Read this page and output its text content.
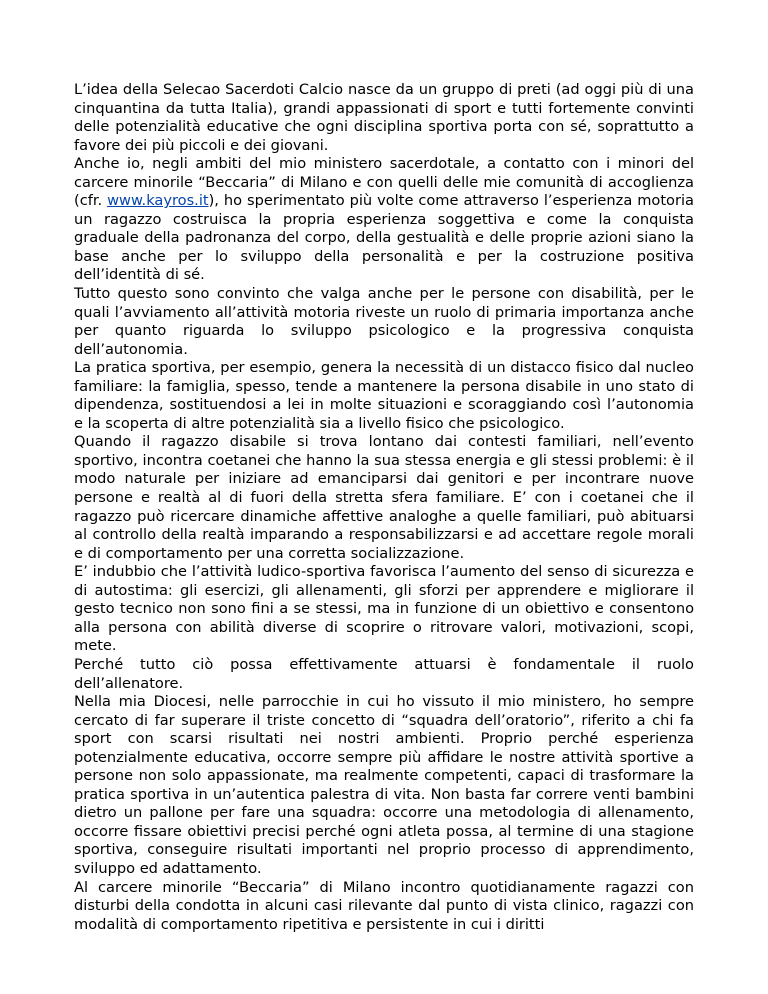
L’idea della Selecao Sacerdoti Calcio nasce da un gruppo di preti (ad oggi più di una cinquantina da tutta Italia), grandi appassionati di sport e tutti fortemente convinti delle potenzialità educative che ogni disciplina sportiva porta con sé, soprattutto a favore dei più piccoli e dei giovani.

Anche io, negli ambiti del mio ministero sacerdotale, a contatto con i minori del carcere minorile “Beccaria” di Milano e con quelli delle mie comunità di accoglienza (cfr. www.kayros.it), ho sperimentato più volte come attraverso l’esperienza motoria un ragazzo costruisca la propria esperienza soggettiva e come la conquista graduale della padronanza del corpo, della gestualità e delle proprie azioni siano la base anche per lo sviluppo della personalità e per la costruzione positiva dell’identità di sé.

Tutto questo sono convinto che valga anche per le persone con disabilità, per le quali l’avviamento all’attività motoria riveste un ruolo di primaria importanza anche per quanto riguarda lo sviluppo psicologico e la progressiva conquista dell’autonomia.

La pratica sportiva, per esempio, genera la necessità di un distacco fisico dal nucleo familiare: la famiglia, spesso, tende a mantenere la persona disabile in uno stato di dipendenza, sostituendosi a lei in molte situazioni e scoraggiando così l’autonomia e la scoperta di altre potenzialità sia a livello fisico che psicologico.

Quando il ragazzo disabile si trova lontano dai contesti familiari, nell’evento sportivo, incontra coetanei che hanno la sua stessa energia e gli stessi problemi: è il modo naturale per iniziare ad emanciparsi dai genitori e per incontrare nuove persone e realtà al di fuori della stretta sfera familiare. E’ con i coetanei che il ragazzo può ricercare dinamiche affettive analoghe a quelle familiari, può abituarsi al controllo della realtà imparando a responsabilizzarsi e ad accettare regole morali e di comportamento per una corretta socializzazione.

E’ indubbio che l’attività ludico-sportiva favorisca l’aumento del senso di sicurezza e di autostima: gli esercizi, gli allenamenti, gli sforzi per apprendere e migliorare il gesto tecnico non sono fini a se stessi, ma in funzione di un obiettivo e consentono alla persona con abilità diverse di scoprire o ritrovare valori, motivazioni, scopi, mete.

Perché tutto ciò possa effettivamente attuarsi è fondamentale il ruolo dell’allenatore.

Nella mia Diocesi, nelle parrocchie in cui ho vissuto il mio ministero, ho sempre cercato di far superare il triste concetto di “squadra dell’oratorio”, riferito a chi fa sport con scarsi risultati nei nostri ambienti. Proprio perché esperienza potenzialmente educativa, occorre sempre più affidare le nostre attività sportive a persone non solo appassionate, ma realmente competenti, capaci di trasformare la pratica sportiva in un’autentica palestra di vita. Non basta far correre venti bambini dietro un pallone per fare una squadra: occorre una metodologia di allenamento, occorre fissare obiettivi precisi perché ogni atleta possa, al termine di una stagione sportiva, conseguire risultati importanti nel proprio processo di apprendimento, sviluppo ed adattamento.

Al carcere minorile “Beccaria” di Milano incontro quotidianamente ragazzi con disturbi della condotta in alcuni casi rilevante dal punto di vista clinico, ragazzi con modalità di comportamento ripetitiva e persistente in cui i diritti
